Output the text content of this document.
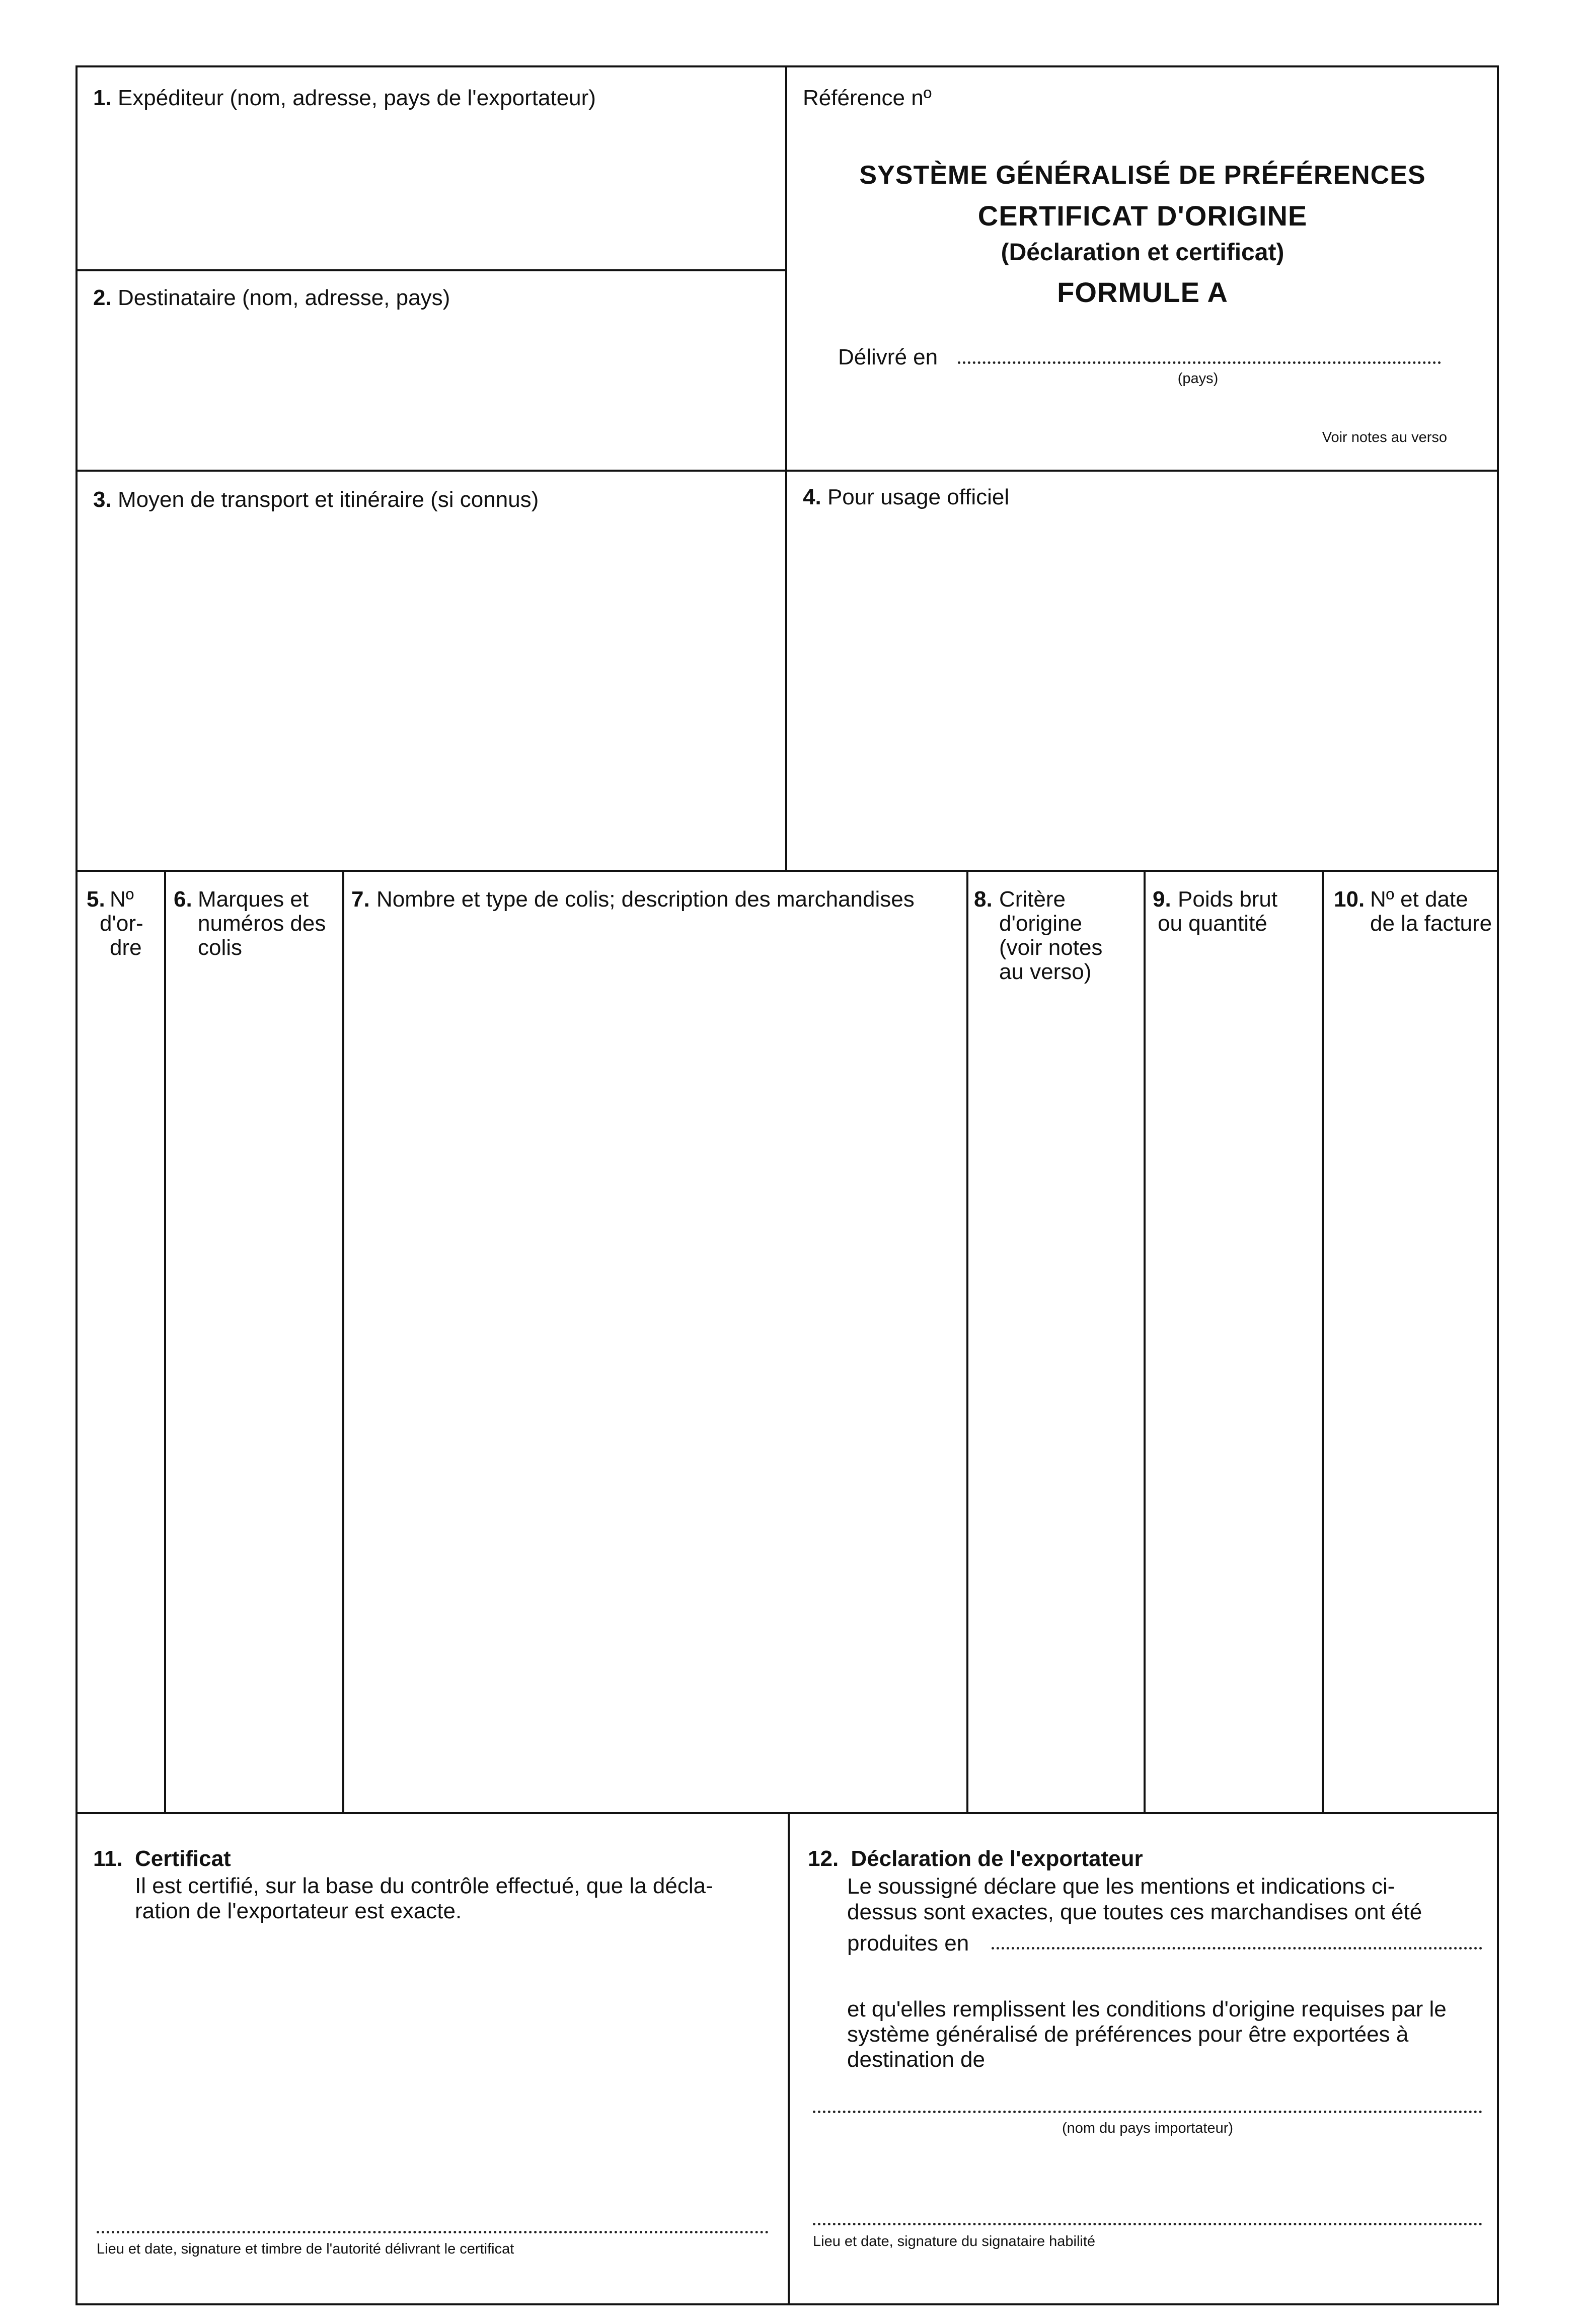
1. Expéditeur (nom, adresse, pays de l'exportateur)
2. Destinataire (nom, adresse, pays)
Référence nº
SYSTÈME GÉNÉRALISÉ DE PRÉFÉRENCES
CERTIFICAT D'ORIGINE
(Déclaration et certificat)
FORMULE A
Délivré en
(pays)
Voir notes au verso
3. Moyen de transport et itinéraire (si connus)	4. Pour usage officiel
5. Nº
d'or-
dre
6. Marques et
numéros des
colis
7. Nombre et type de colis; description des marchandises	8. Critère
d'origine
(voir notes
au verso)
9. Poids brut
ou quantité
10. Nº et date
de la facture
11. Certificat
Il est certifié, sur la base du contrôle effectué, que la décla-
ration de l'exportateur est exacte.
Lieu et date, signature et timbre de l'autorité délivrant le certificat
12. Déclaration de l'exportateur
Le soussigné déclare que les mentions et indications ci-
dessus sont exactes, que toutes ces marchandises ont été
produites en
et qu'elles remplissent les conditions d'origine requises par le
système généralisé de préférences pour être exportées à
destination de
(nom du pays importateur)
Lieu et date, signature du signataire habilité
